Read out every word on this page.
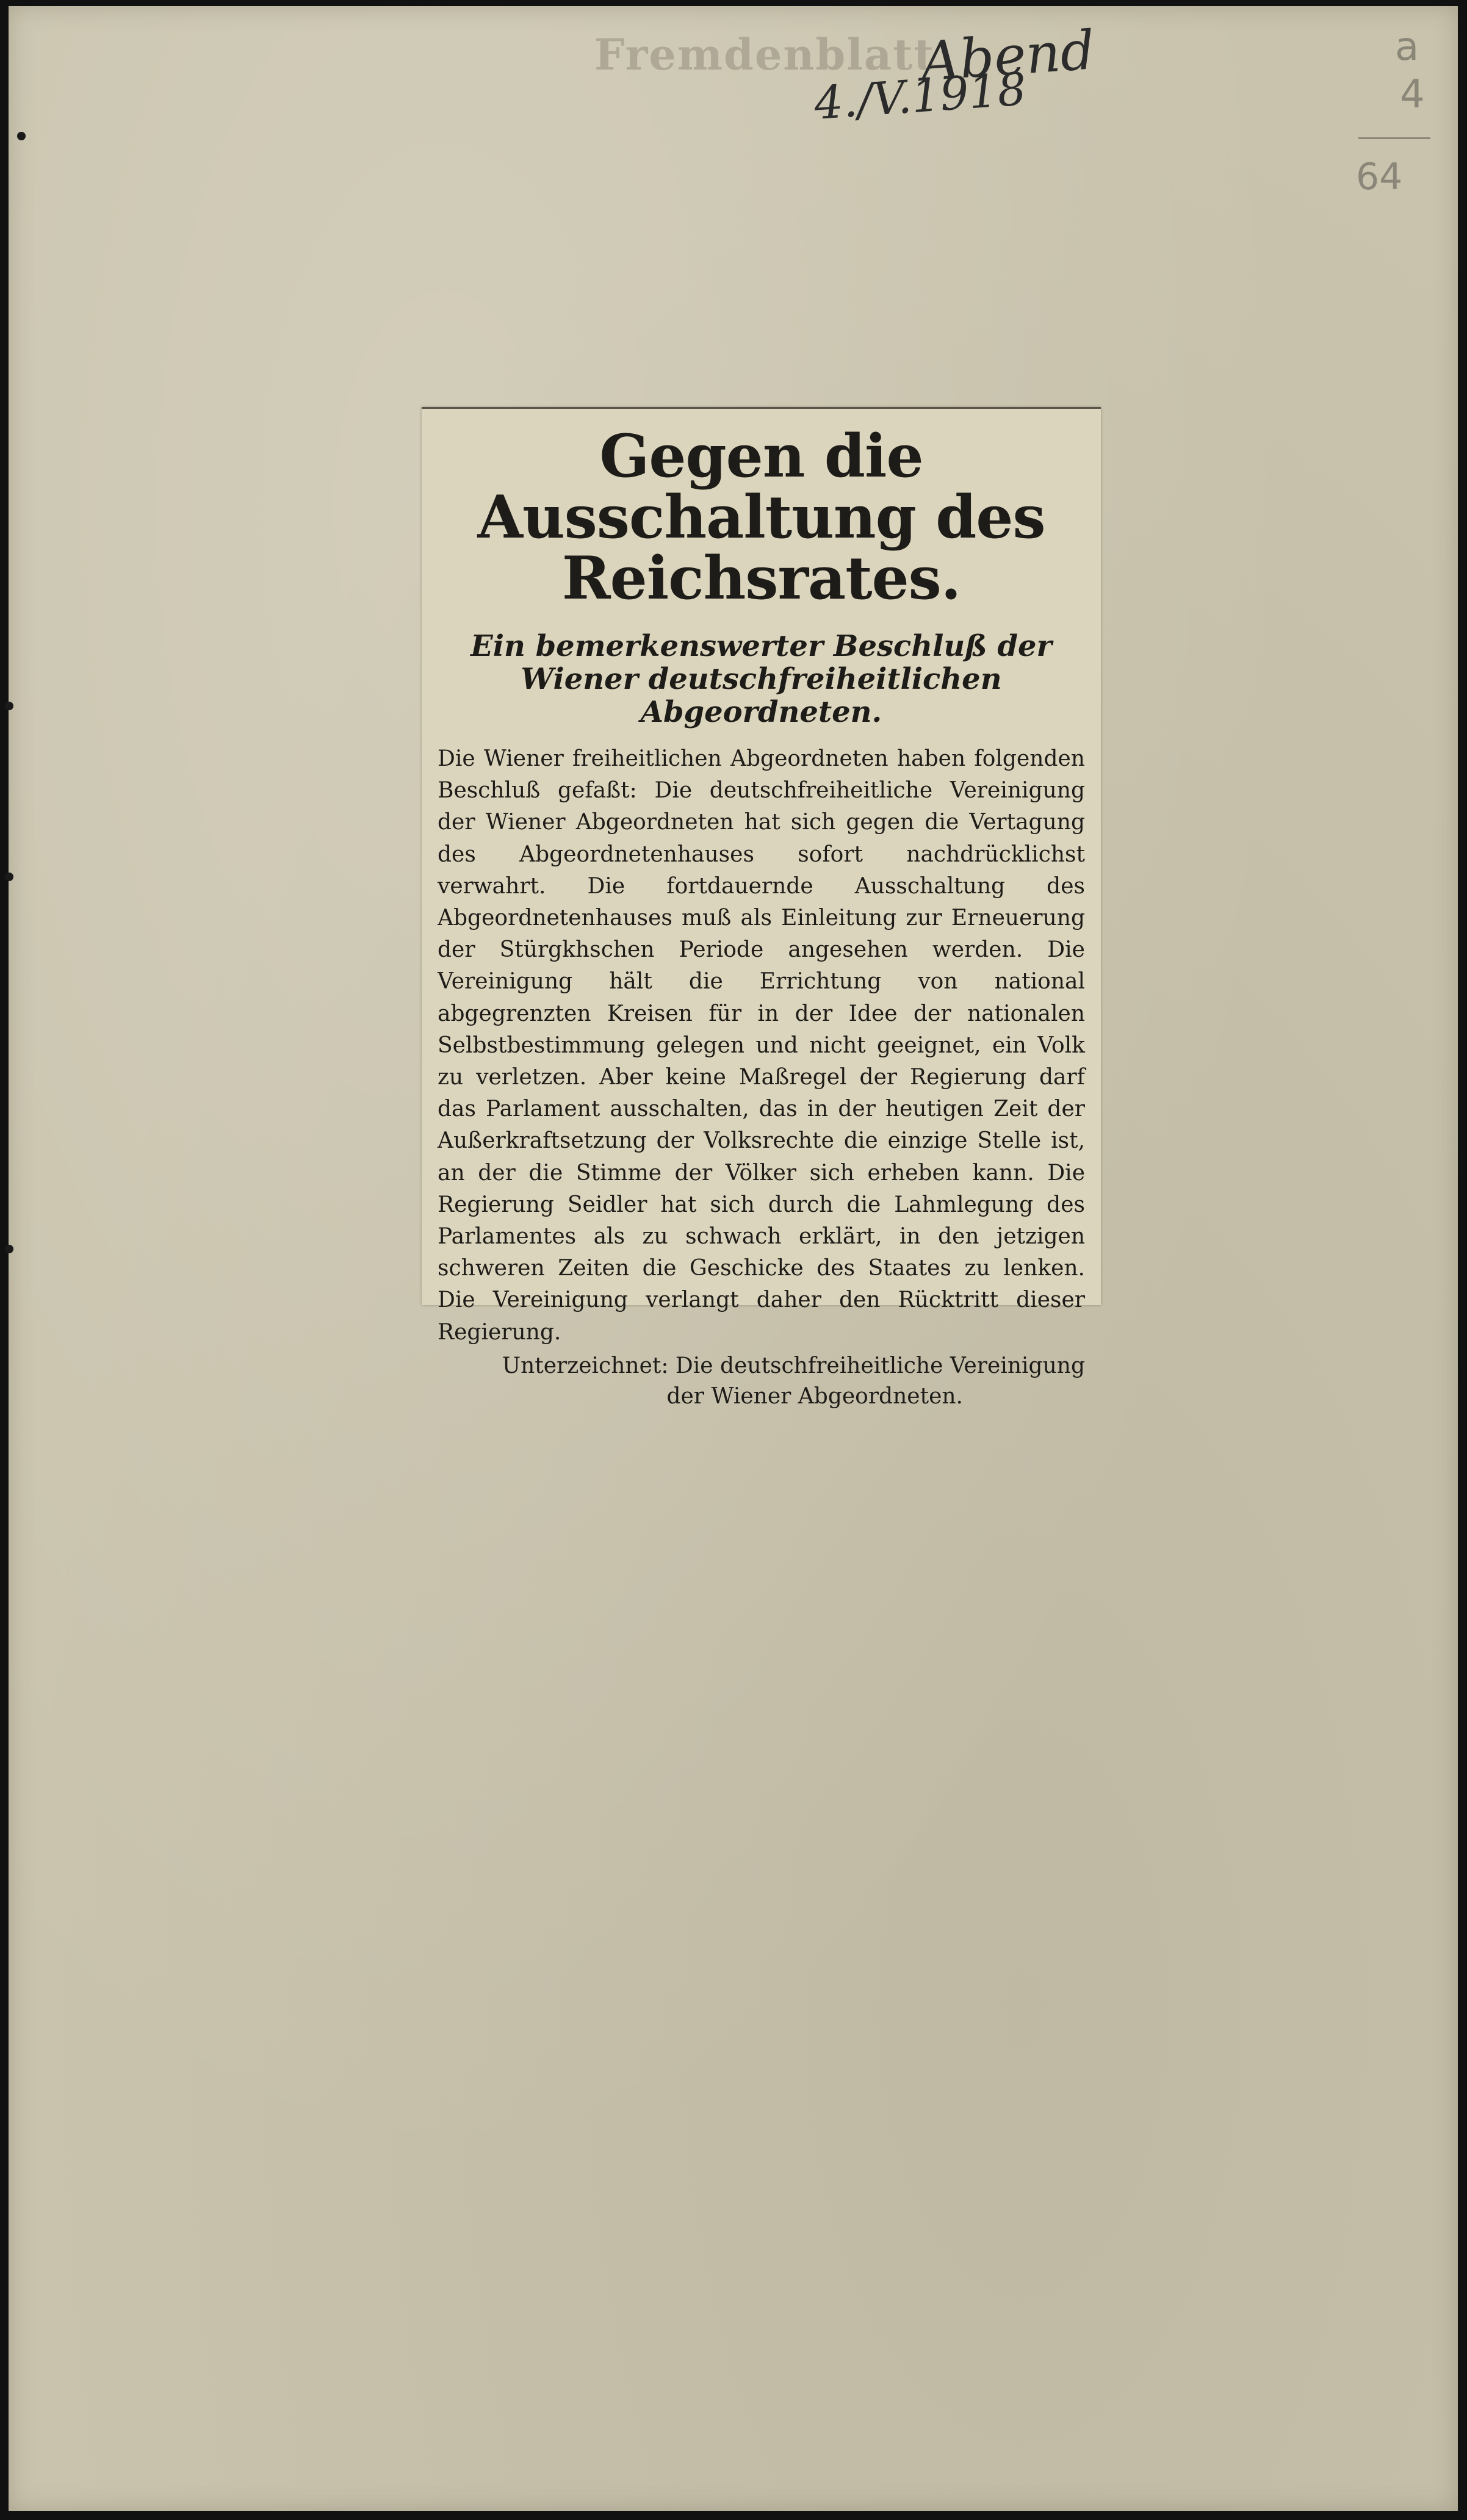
Fremdenblatt
Abend
4./V.1918
a
4
64
Gegen die Ausschaltung des Reichsrates.
Ein bemerkenswerter Beschluß der Wiener deutschfreiheitlichen Abgeordneten.

Die Wiener freiheitlichen Abgeordneten haben folgenden Beschluß gefaßt: Die deutschfreiheitliche Vereinigung der Wiener Abgeordneten hat sich gegen die Vertagung des Abgeordnetenhauses sofort nachdrücklichst verwahrt. Die fortdauernde Ausschaltung des Abgeordnetenhauses muß als Einleitung zur Erneuerung der Stürgkhschen Periode angesehen werden. Die Vereinigung hält die Errichtung von national abgegrenzten Kreisen für in der Idee der nationalen Selbstbestimmung gelegen und nicht geeignet, ein Volk zu verletzen. Aber keine Maßregel der Regierung darf das Parlament ausschalten, das in der heutigen Zeit der Außerkraftsetzung der Volksrechte die einzige Stelle ist, an der die Stimme der Völker sich erheben kann. Die Regierung Seidler hat sich durch die Lahmlegung des Parlamentes als zu schwach erklärt, in den jetzigen schweren Zeiten die Geschicke des Staates zu lenken. Die Vereinigung verlangt daher den Rücktritt dieser Regierung.

Unterzeichnet: Die deutschfreiheitliche Vereinigung
der Wiener Abgeordneten.
